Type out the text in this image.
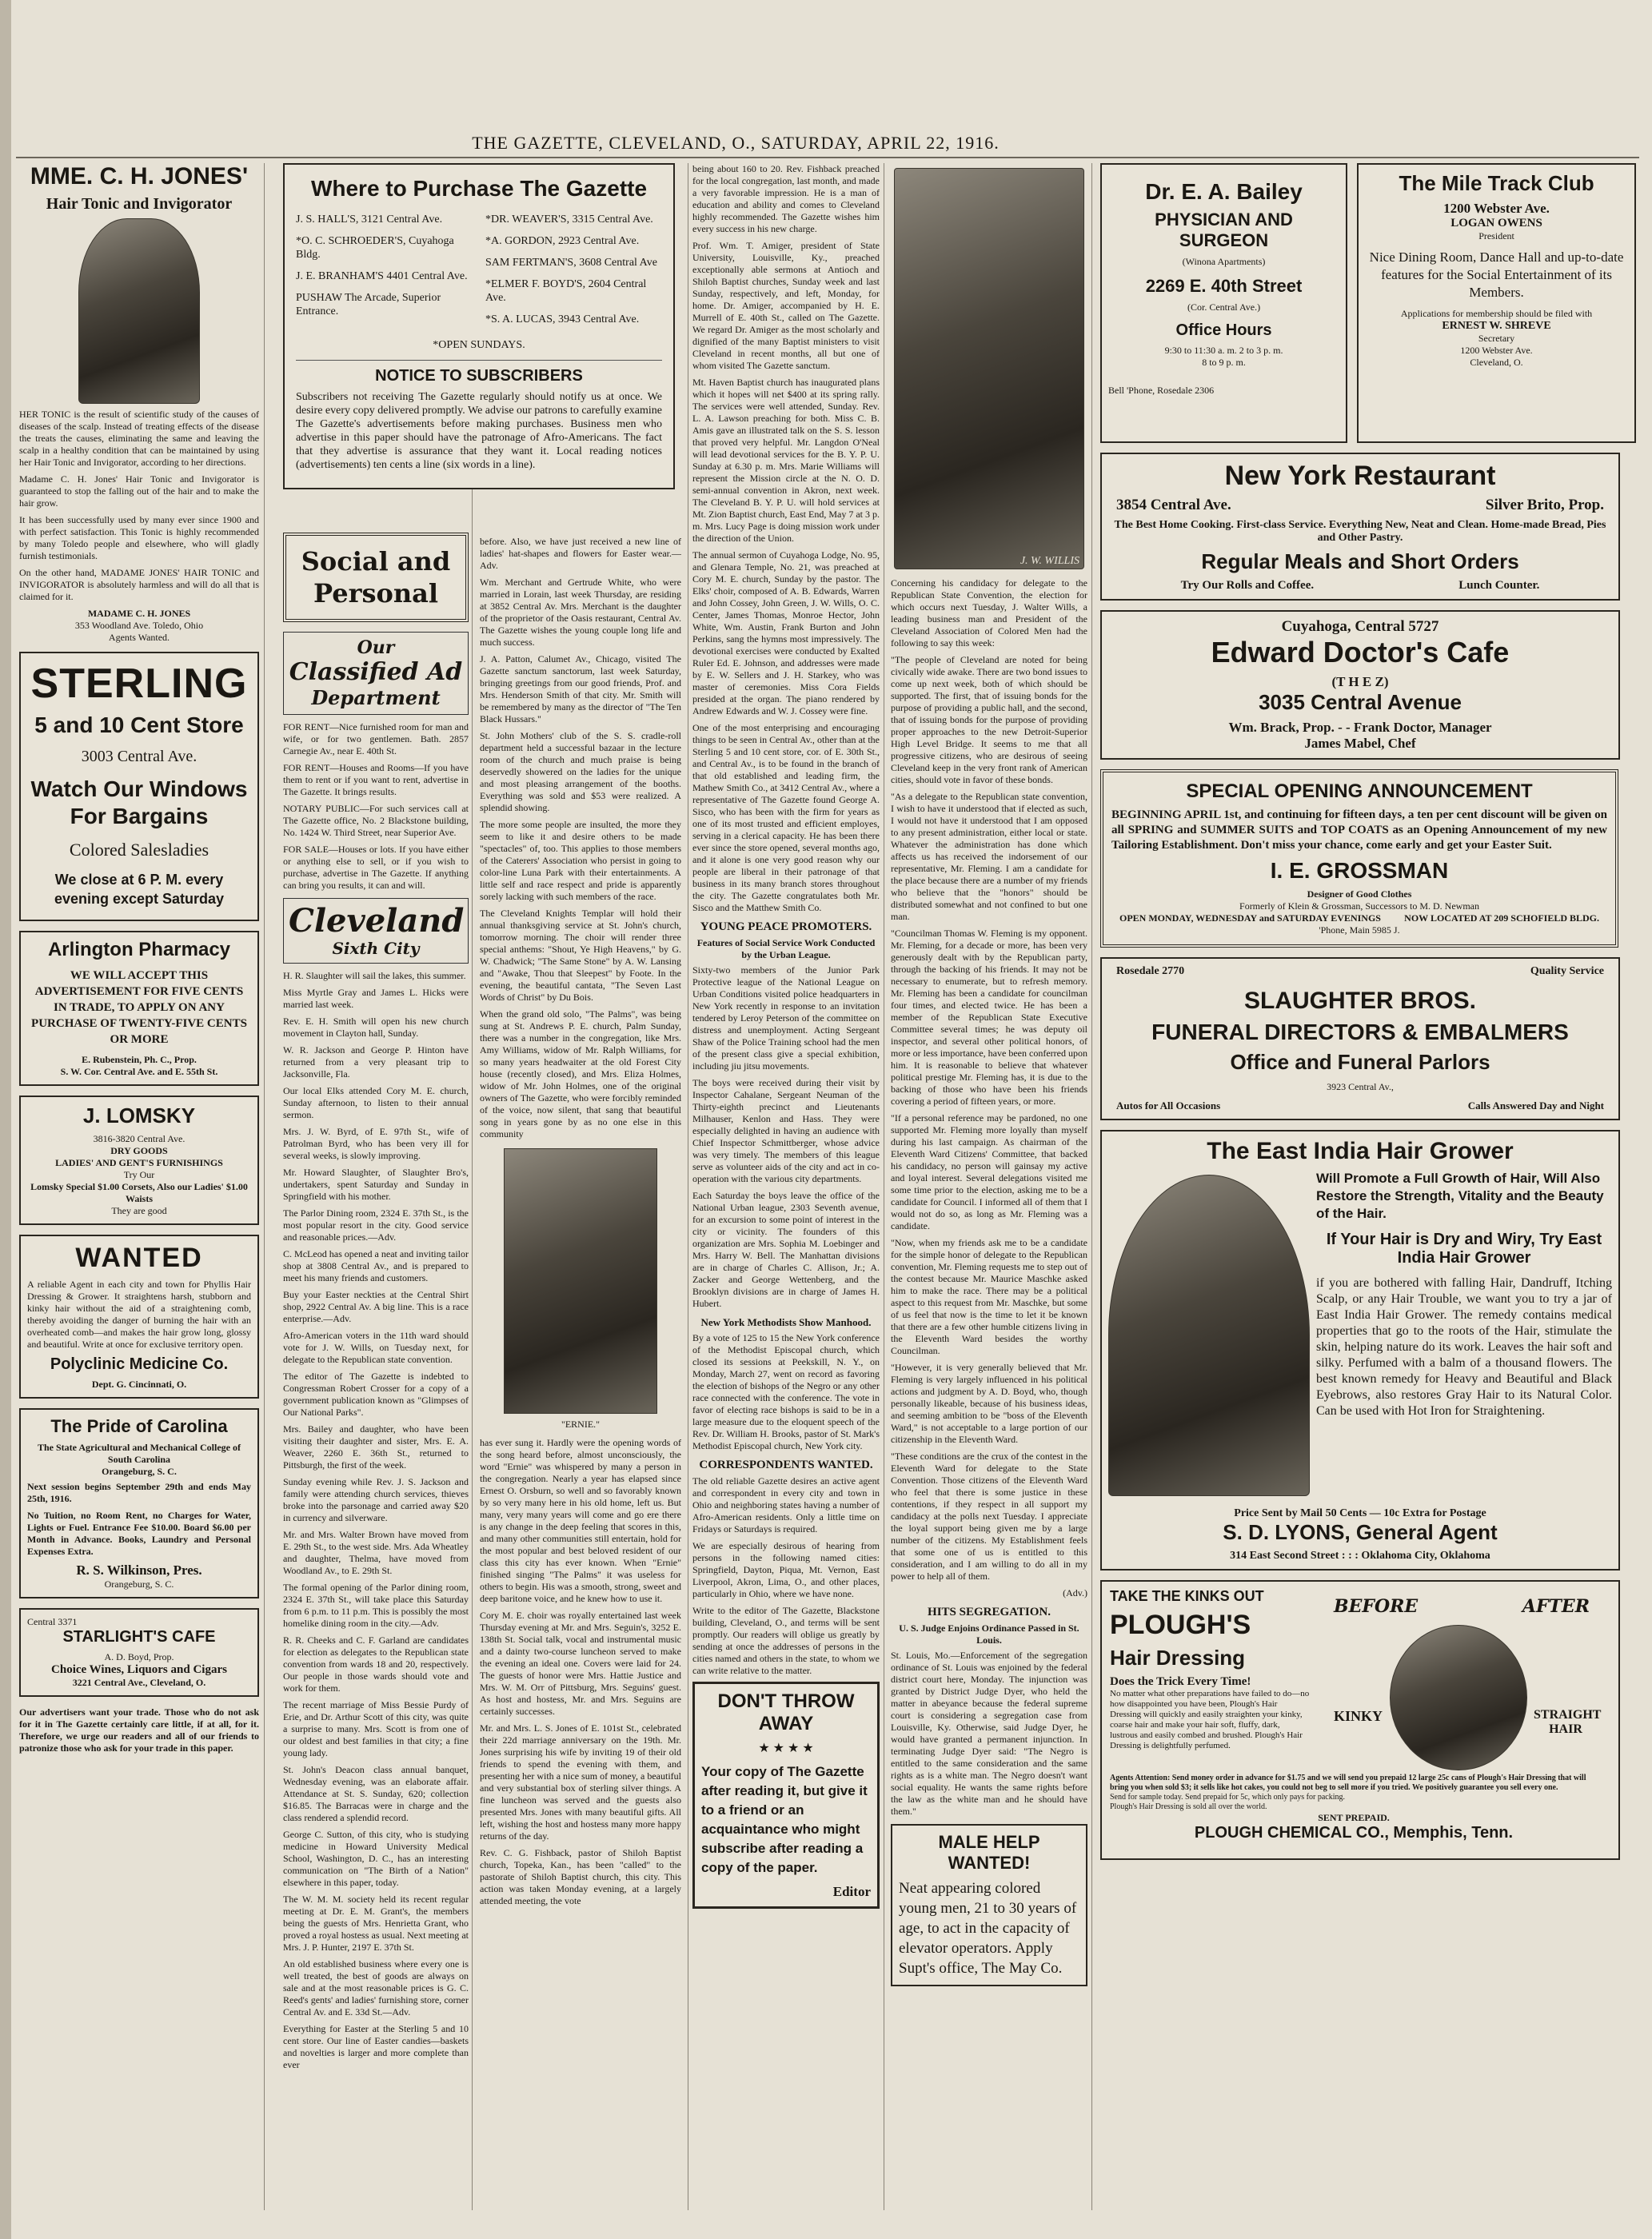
THE GAZETTE, CLEVELAND, O., SATURDAY, APRIL 22, 1916.
MME. C. H. JONES'
Hair Tonic and Invigorator

HER TONIC is the result of scientific study of the causes of diseases of the scalp. Instead of treating effects of the disease the treats the causes, eliminating the same and leaving the scalp in a healthy condition that can be maintained by using her Hair Tonic and Invigorator, according to her directions.

Madame C. H. Jones' Hair Tonic and Invigorator is guaranteed to stop the falling out of the hair and to make the hair grow.

It has been successfully used by many ever since 1900 and with perfect satisfaction. This Tonic is highly recommended by many Toledo people and elsewhere, who will gladly furnish testimonials.

On the other hand, MADAME JONES' HAIR TONIC and INVIGORATOR is absolutely harmless and will do all that is claimed for it.

MADAME C. H. JONES
353 Woodland Ave. Toledo, Ohio
Agents Wanted.
STERLING
5 and 10 Cent Store
3003 Central Ave.
Watch Our Windows For Bargains
Colored Salesladies
We close at 6 P. M. every evening except Saturday
Arlington Pharmacy
WE WILL ACCEPT THIS ADVERTISEMENT FOR FIVE CENTS IN TRADE, TO APPLY ON ANY PURCHASE OF TWENTY-FIVE CENTS OR MORE
E. Rubenstein, Ph. C., Prop.
S. W. Cor. Central Ave. and E. 55th St.
J. LOMSKY
3816-3820 Central Ave.
DRY GOODS
LADIES' AND GENT'S FURNISHINGS
Try Our
Lomsky Special $1.00 Corsets, Also our Ladies' $1.00 Waists
They are good
WANTED

A reliable Agent in each city and town for Phyllis Hair Dressing & Grower. It straightens harsh, stubborn and kinky hair without the aid of a straightening comb, thereby avoiding the danger of burning the hair with an overheated comb—and makes the hair grow long, glossy and beautiful. Write at once for exclusive territory open.

Polyclinic Medicine Co.
Dept. G. Cincinnati, O.
The Pride of Carolina
The State Agricultural and Mechanical College of South Carolina
Orangeburg, S. C.

Next session begins September 29th and ends May 25th, 1916.

No Tuition, no Room Rent, no Charges for Water, Lights or Fuel. Entrance Fee $10.00. Board $6.00 per Month in Advance. Books, Laundry and Personal Expenses Extra.

R. S. Wilkinson, Pres.
Orangeburg, S. C.
Central 3371
STARLIGHT'S CAFE
A. D. Boyd, Prop.
Choice Wines, Liquors and Cigars
3221 Central Ave., Cleveland, O.

Our advertisers want your trade. Those who do not ask for it in The Gazette certainly care little, if at all, for it. Therefore, we urge our readers and all of our friends to patronize those who ask for your trade in this paper.

Where to Purchase The Gazette
J. S. HALL'S, 3121 Central Ave.
*O. C. SCHROEDER'S, Cuyahoga Bldg.
J. E. BRANHAM'S 4401 Central Ave.
PUSHAW The Arcade, Superior Entrance.
*DR. WEAVER'S, 3315 Central Ave.
*A. GORDON, 2923 Central Ave.
SAM FERTMAN'S, 3608 Central Ave
*ELMER F. BOYD'S, 2604 Central Ave.
*S. A. LUCAS, 3943 Central Ave.
*OPEN SUNDAYS.
NOTICE TO SUBSCRIBERS

Subscribers not receiving The Gazette regularly should notify us at once. We desire every copy delivered promptly. We advise our patrons to carefully examine The Gazette's advertisements before making purchases. Business men who advertise in this paper should have the patronage of Afro-Americans. The fact that they advertise is assurance that they want it. Local reading notices (advertisements) ten cents a line (six words in a line).

Social and Personal
Our
Classified Ad
Department

FOR RENT—Nice furnished room for man and wife, or for two gentlemen. Bath. 2857 Carnegie Av., near E. 40th St.

FOR RENT—Houses and Rooms—If you have them to rent or if you want to rent, advertise in The Gazette. It brings results.

NOTARY PUBLIC—For such services call at The Gazette office, No. 2 Blackstone building, No. 1424 W. Third Street, near Superior Ave.

FOR SALE—Houses or lots. If you have either or anything else to sell, or if you wish to purchase, advertise in The Gazette. If anything can bring you results, it can and will.

Cleveland
Sixth City

H. R. Slaughter will sail the lakes, this summer.

Miss Myrtle Gray and James L. Hicks were married last week.

Rev. E. H. Smith will open his new church movement in Clayton hall, Sunday.

W. R. Jackson and George P. Hinton have returned from a very pleasant trip to Jacksonville, Fla.

Our local Elks attended Cory M. E. church, Sunday afternoon, to listen to their annual sermon.

Mrs. J. W. Byrd, of E. 97th St., wife of Patrolman Byrd, who has been very ill for several weeks, is slowly improving.

Mr. Howard Slaughter, of Slaughter Bro's, undertakers, spent Saturday and Sunday in Springfield with his mother.

The Parlor Dining room, 2324 E. 37th St., is the most popular resort in the city. Good service and reasonable prices.—Adv.

C. McLeod has opened a neat and inviting tailor shop at 3808 Central Av., and is prepared to meet his many friends and customers.

Buy your Easter neckties at the Central Shirt shop, 2922 Central Av. A big line. This is a race enterprise.—Adv.

Afro-American voters in the 11th ward should vote for J. W. Wills, on Tuesday next, for delegate to the Republican state convention.

The editor of The Gazette is indebted to Congressman Robert Crosser for a copy of a government publication known as "Glimpses of Our National Parks".

Mrs. Bailey and daughter, who have been visiting their daughter and sister, Mrs. E. A. Weaver, 2260 E. 36th St., returned to Pittsburgh, the first of the week.

Sunday evening while Rev. J. S. Jackson and family were attending church services, thieves broke into the parsonage and carried away $20 in currency and silverware.

Mr. and Mrs. Walter Brown have moved from E. 29th St., to the west side. Mrs. Ada Wheatley and daughter, Thelma, have moved from Woodland Av., to E. 29th St.

The formal opening of the Parlor dining room, 2324 E. 37th St., will take place this Saturday from 6 p.m. to 11 p.m. This is possibly the most homelike dining room in the city.—Adv.

R. R. Cheeks and C. F. Garland are candidates for election as delegates to the Republican state convention from wards 18 and 20, respectively. Our people in those wards should vote and work for them.

The recent marriage of Miss Bessie Purdy of Erie, and Dr. Arthur Scott of this city, was quite a surprise to many. Mrs. Scott is from one of our oldest and best families in that city; a fine young lady.

St. John's Deacon class annual banquet, Wednesday evening, was an elaborate affair. Attendance at St. S. Sunday, 620; collection $16.85. The Barracas were in charge and the class rendered a splendid record.

George C. Sutton, of this city, who is studying medicine in Howard University Medical School, Washington, D. C., has an interesting communication on "The Birth of a Nation" elsewhere in this paper, today.

The W. M. M. society held its recent regular meeting at Dr. E. M. Grant's, the members being the guests of Mrs. Henrietta Grant, who proved a royal hostess as usual. Next meeting at Mrs. J. P. Hunter, 2197 E. 37th St.

An old established business where every one is well treated, the best of goods are always on sale and at the most reasonable prices is G. C. Reed's gents' and ladies' furnishing store, corner Central Av. and E. 33d St.—Adv.

Everything for Easter at the Sterling 5 and 10 cent store. Our line of Easter candies—baskets and novelties is larger and more complete than ever

before. Also, we have just received a new line of ladies' hat-shapes and flowers for Easter wear.—Adv.

Wm. Merchant and Gertrude White, who were married in Lorain, last week Thursday, are residing at 3852 Central Av. Mrs. Merchant is the daughter of the proprietor of the Oasis restaurant, Central Av. The Gazette wishes the young couple long life and much success.

J. A. Patton, Calumet Av., Chicago, visited The Gazette sanctum sanctorum, last week Saturday, bringing greetings from our good friends, Prof. and Mrs. Henderson Smith of that city. Mr. Smith will be remembered by many as the director of "The Ten Black Hussars."

St. John Mothers' club of the S. S. cradle-roll department held a successful bazaar in the lecture room of the church and much praise is being deservedly showered on the ladies for the unique and most pleasing arrangement of the booths. Everything was sold and $53 were realized. A splendid showing.

The more some people are insulted, the more they seem to like it and desire others to be made "spectacles" of, too. This applies to those members of the Caterers' Association who persist in going to color-line Luna Park with their entertainments. A little self and race respect and pride is apparently sorely lacking with such members of the race.

The Cleveland Knights Templar will hold their annual thanksgiving service at St. John's church, tomorrow morning. The choir will render three special anthems: "Shout, Ye High Heavens," by G. W. Chadwick; "The Same Stone" by A. W. Lansing and "Awake, Thou that Sleepest" by Foote. In the evening, the beautiful cantata, "The Seven Last Words of Christ" by Du Bois.

When the grand old solo, "The Palms", was being sung at St. Andrews P. E. church, Palm Sunday, there was a number in the congregation, like Mrs. Amy Williams, widow of Mr. Ralph Williams, for so many years headwaiter at the old Forest City house (recently closed), and Mrs. Eliza Holmes, widow of Mr. John Holmes, one of the original owners of The Gazette, who were forcibly reminded of the voice, now silent, that sang that beautiful song in years gone by as no one else in this community

"ERNIE."

has ever sung it. Hardly were the opening words of the song heard before, almost unconsciously, the word "Ernie" was whispered by many a person in the congregation. Nearly a year has elapsed since Ernest O. Orsburn, so well and so favorably known by so very many here in his old home, left us. But many, very many years will come and go ere there is any change in the deep feeling that scores in this, and many other communities still entertain, hold for the most popular and best beloved resident of our class this city has ever known. When "Ernie" finished singing "The Palms" it was useless for others to begin. His was a smooth, strong, sweet and deep baritone voice, and he knew how to use it.

Cory M. E. choir was royally entertained last week Thursday evening at Mr. and Mrs. Seguin's, 3252 E. 138th St. Social talk, vocal and instrumental music and a dainty two-course luncheon served to make the evening an ideal one. Covers were laid for 24. The guests of honor were Mrs. Hattie Justice and Mrs. W. M. Orr of Pittsburg, Mrs. Seguins' guest. As host and hostess, Mr. and Mrs. Seguins are certainly successes.

Mr. and Mrs. L. S. Jones of E. 101st St., celebrated their 22d marriage anniversary on the 19th. Mr. Jones surprising his wife by inviting 19 of their old friends to spend the evening with them, and presenting her with a nice sum of money, a beautiful and very substantial box of sterling silver things. A fine luncheon was served and the guests also presented Mrs. Jones with many beautiful gifts. All left, wishing the host and hostess many more happy returns of the day.

Rev. C. G. Fishback, pastor of Shiloh Baptist church, Topeka, Kan., has been "called" to the pastorate of Shiloh Baptist church, this city. This action was taken Monday evening, at a largely attended meeting, the vote

being about 160 to 20. Rev. Fishback preached for the local congregation, last month, and made a very favorable impression. He is a man of education and ability and comes to Cleveland highly recommended. The Gazette wishes him every success in his new charge.

Prof. Wm. T. Amiger, president of State University, Louisville, Ky., preached exceptionally able sermons at Antioch and Shiloh Baptist churches, Sunday week and last Sunday, respectively, and left, Monday, for home. Dr. Amiger, accompanied by H. E. Murrell of E. 40th St., called on The Gazette. We regard Dr. Amiger as the most scholarly and dignified of the many Baptist ministers to visit Cleveland in recent months, all but one of whom visited The Gazette sanctum.

Mt. Haven Baptist church has inaugurated plans which it hopes will net $400 at its spring rally. The services were well attended, Sunday. Rev. L. A. Lawson preaching for both. Miss C. B. Amis gave an illustrated talk on the S. S. lesson that proved very helpful. Mr. Langdon O'Neal will lead devotional services for the B. Y. P. U. Sunday at 6.30 p. m. Mrs. Marie Williams will represent the Mission circle at the N. O. D. semi-annual convention in Akron, next week. The Cleveland B. Y. P. U. will hold services at Mt. Zion Baptist church, East End, May 7 at 3 p. m. Mrs. Lucy Page is doing mission work under the direction of the Union.

The annual sermon of Cuyahoga Lodge, No. 95, and Glenara Temple, No. 21, was preached at Cory M. E. church, Sunday by the pastor. The Elks' choir, composed of A. B. Edwards, Warren and John Cossey, John Green, J. W. Wills, O. C. Center, James Thomas, Monroe Hector, John White, Wm. Austin, Frank Burton and John Perkins, sang the hymns most impressively. The devotional exercises were conducted by Exalted Ruler Ed. E. Johnson, and addresses were made by E. W. Sellers and J. H. Starkey, who was master of ceremonies. Miss Cora Fields presided at the organ. The piano rendered by Andrew Edwards and W. J. Cossey were fine.

One of the most enterprising and encouraging things to be seen in Central Av., other than at the Sterling 5 and 10 cent store, cor. of E. 30th St., and Central Av., is to be found in the branch of that old established and leading firm, the Mathew Smith Co., at 3412 Central Av., where a representative of The Gazette found George A. Sisco, who has been with the firm for years as one of its most trusted and efficient employes, serving in a clerical capacity. He has been there ever since the store opened, several months ago, and it alone is one very good reason why our people are liberal in their patronage of that business in its many branch stores throughout the city. The Gazette congratulates both Mr. Sisco and the Matthew Smith Co.

YOUNG PEACE PROMOTERS.
Features of Social Service Work Conducted by the Urban League.

Sixty-two members of the Junior Park Protective league of the National League on Urban Conditions visited police headquarters in New York recently in response to an invitation tendered by Leroy Peterson of the committee on distress and unemployment. Acting Sergeant Shaw of the Police Training school had the men of the present class give a special exhibition, including jiu jitsu movements.

The boys were received during their visit by Inspector Cahalane, Sergeant Neuman of the Thirty-eighth precinct and Lieutenants Milhauser, Kenlon and Hass. They were especially delighted in having an audience with Chief Inspector Schmittberger, whose advice was very timely. The members of this league serve as volunteer aids of the city and act in co-operation with the various city departments.

Each Saturday the boys leave the office of the National Urban league, 2303 Seventh avenue, for an excursion to some point of interest in the city or vicinity. The founders of this organization are Mrs. Sophia M. Loebinger and Mrs. Harry W. Bell. The Manhattan divisions are in charge of Charles C. Allison, Jr.; A. Zacker and George Wettenberg, and the Brooklyn divisions are in charge of James H. Hubert.

New York Methodists Show Manhood.

By a vote of 125 to 15 the New York conference of the Methodist Episcopal church, which closed its sessions at Peekskill, N. Y., on Monday, March 27, went on record as favoring the election of bishops of the Negro or any other race connected with the conference. The vote in favor of electing race bishops is said to be in a large measure due to the eloquent speech of the Rev. Dr. William H. Brooks, pastor of St. Mark's Methodist Episcopal church, New York city.

CORRESPONDENTS WANTED.

The old reliable Gazette desires an active agent and correspondent in every city and town in Ohio and neighboring states having a number of Afro-American residents. Only a little time on Fridays or Saturdays is required.

We are especially desirous of hearing from persons in the following named cities: Springfield, Dayton, Piqua, Mt. Vernon, East Liverpool, Akron, Lima, O., and other places, particularly in Ohio, where we have none.

Write to the editor of The Gazette, Blackstone building, Cleveland, O., and terms will be sent promptly. Our readers will oblige us greatly by sending at once the addresses of persons in the cities named and others in the state, to whom we can write relative to the matter.

DON'T THROW AWAY
★ ★ ★ ★
Your copy of The Gazette after reading it, but give it to a friend or an acquaintance who might subscribe after reading a copy of the paper.
Editor
J. W. WILLIS

Concerning his candidacy for delegate to the Republican State Convention, the election for which occurs next Tuesday, J. Walter Wills, a leading business man and President of the Cleveland Association of Colored Men had the following to say this week:

"The people of Cleveland are noted for being civically wide awake. There are two bond issues to come up next week, both of which should be supported. The first, that of issuing bonds for the purpose of providing a public hall, and the second, that of issuing bonds for the purpose of providing proper approaches to the new Detroit-Superior High Level Bridge. It seems to me that all progressive citizens, who are desirous of seeing Cleveland keep in the very front rank of American cities, should vote in favor of these bonds.

"As a delegate to the Republican state convention, I wish to have it understood that if elected as such, I would not have it understood that I am opposed to any present administration, either local or state. Whatever the administration has done which affects us has received the indorsement of our representative, Mr. Fleming. I am a candidate for the place because there are a number of my friends who believe that the "honors" should be distributed somewhat and not confined to but one man.

"Councilman Thomas W. Fleming is my opponent. Mr. Fleming, for a decade or more, has been very generously dealt with by the Republican party, through the backing of his friends. It may not be necessary to enumerate, but to refresh memory. Mr. Fleming has been a candidate for councilman four times, and elected twice. He has been a member of the Republican State Executive Committee several times; he was deputy oil inspector, and several other political honors, of more or less importance, have been conferred upon him. It is reasonable to believe that whatever political prestige Mr. Fleming has, it is due to the backing of those who have been his friends covering a period of fifteen years, or more.

"If a personal reference may be pardoned, no one supported Mr. Fleming more loyally than myself during his last campaign. As chairman of the Eleventh Ward Citizens' Committee, that backed his candidacy, no person will gainsay my active and loyal interest. Several delegations visited me some time prior to the election, asking me to be a candidate for Council. I informed all of them that I would not do so, as long as Mr. Fleming was a candidate.

"Now, when my friends ask me to be a candidate for the simple honor of delegate to the Republican convention, Mr. Fleming requests me to step out of the contest because Mr. Maurice Maschke asked him to make the race. There may be a political aspect to this request from Mr. Maschke, but some of us feel that now is the time to let it be known that there are a few other humble citizens living in the Eleventh Ward besides the worthy Councilman.

"However, it is very generally believed that Mr. Fleming is very largely influenced in his political actions and judgment by A. D. Boyd, who, though personally likeable, because of his business ideas, and seeming ambition to be "boss of the Eleventh Ward," is not acceptable to a large portion of our citizenship in the Eleventh Ward.

"These conditions are the crux of the contest in the Eleventh Ward for delegate to the State Convention. Those citizens of the Eleventh Ward who feel that there is some justice in these contentions, if they respect in all support my candidacy at the polls next Tuesday. I appreciate the loyal support being given me by a large number of the citizens. My Establishment feels that some one of us is entitled to this consideration, and I am willing to do all in my power to help all of them.

(Adv.)
HITS SEGREGATION.
U. S. Judge Enjoins Ordinance Passed in St. Louis.

St. Louis, Mo.—Enforcement of the segregation ordinance of St. Louis was enjoined by the federal district court here, Monday. The injunction was granted by District Judge Dyer, who held the matter in abeyance because the federal supreme court is considering a segregation case from Louisville, Ky. Otherwise, said Judge Dyer, he would have granted a permanent injunction. In terminating Judge Dyer said: "The Negro is entitled to the same consideration and the same rights as is a white man. The Negro doesn't want social equality. He wants the same rights before the law as the white man and he should have them."

MALE HELP WANTED!
Neat appearing colored young men, 21 to 30 years of age, to act in the capacity of elevator operators. Apply Supt's office, The May Co.
Dr. E. A. Bailey
PHYSICIAN AND SURGEON
(Winona Apartments)
2269 E. 40th Street
(Cor. Central Ave.)
Office Hours
9:30 to 11:30 a. m. 2 to 3 p. m.
8 to 9 p. m.
Bell 'Phone, Rosedale 2306
The Mile Track Club
1200 Webster Ave.
LOGAN OWENS
President
Nice Dining Room, Dance Hall and up-to-date features for the Social Entertainment of its Members.
Applications for membership should be filed with
ERNEST W. SHREVE
Secretary
1200 Webster Ave.
Cleveland, O.
New York Restaurant
3854 Central Ave.	Silver Brito, Prop.
The Best Home Cooking. First-class Service. Everything New, Neat and Clean. Home-made Bread, Pies and Other Pastry.
Regular Meals and Short Orders
Try Our Rolls and Coffee.	Lunch Counter.
Cuyahoga, Central 5727
Edward Doctor's Cafe
(T H E Z)
3035 Central Avenue
Wm. Brack, Prop. - - Frank Doctor, Manager
James Mabel, Chef
SPECIAL OPENING ANNOUNCEMENT
BEGINNING APRIL 1st, and continuing for fifteen days, a ten per cent discount will be given on all SPRING and SUMMER SUITS and TOP COATS as an Opening Announcement of my new Tailoring Establishment. Don't miss your chance, come early and get your Easter Suit.
I. E. GROSSMAN
Designer of Good Clothes
Formerly of Klein & Grossman, Successors to M. D. Newman
OPEN MONDAY, WEDNESDAY and SATURDAY EVENINGS NOW LOCATED AT 209 SCHOFIELD BLDG.
'Phone, Main 5985 J.
Rosedale 2770	Quality Service
SLAUGHTER BROS.
FUNERAL DIRECTORS & EMBALMERS
Office and Funeral Parlors
3923 Central Av.,
Autos for All Occasions	Calls Answered Day and Night
The East India Hair Grower
Will Promote a Full Growth of Hair, Will Also Restore the Strength, Vitality and the Beauty of the Hair.
If Your Hair is Dry and Wiry, Try East India Hair Grower
if you are bothered with falling Hair, Dandruff, Itching Scalp, or any Hair Trouble, we want you to try a jar of East India Hair Grower. The remedy contains medical properties that go to the roots of the Hair, stimulate the skin, helping nature do its work. Leaves the hair soft and silky. Perfumed with a balm of a thousand flowers. The best known remedy for Heavy and Beautiful and Black Eyebrows, also restores Gray Hair to its Natural Color. Can be used with Hot Iron for Straightening.
Price Sent by Mail 50 Cents — 10c Extra for Postage
S. D. LYONS, General Agent
314 East Second Street : : : Oklahoma City, Oklahoma
TAKE THE KINKS OUT
PLOUGH'S
Hair Dressing
Does the Trick Every Time!
No matter what other preparations have failed to do—no how disappointed you have been, Plough's Hair Dressing will quickly and easily straighten your kinky, coarse hair and make your hair soft, fluffy, dark, lustrous and easily combed and brushed. Plough's Hair Dressing is delightfully perfumed.
BEFORE	AFTER
KINKY	STRAIGHT HAIR
Agents Attention: Send money order in advance for $1.75 and we will send you prepaid 12 large 25c cans of Plough's Hair Dressing that will bring you when sold $3; it sells like hot cakes, you could not beg to sell more if you tried. We positively guarantee you sell every one.
Send for sample today. Send prepaid for 5c, which only pays for packing.
Plough's Hair Dressing is sold all over the world.
SENT PREPAID.
PLOUGH CHEMICAL CO., Memphis, Tenn.
